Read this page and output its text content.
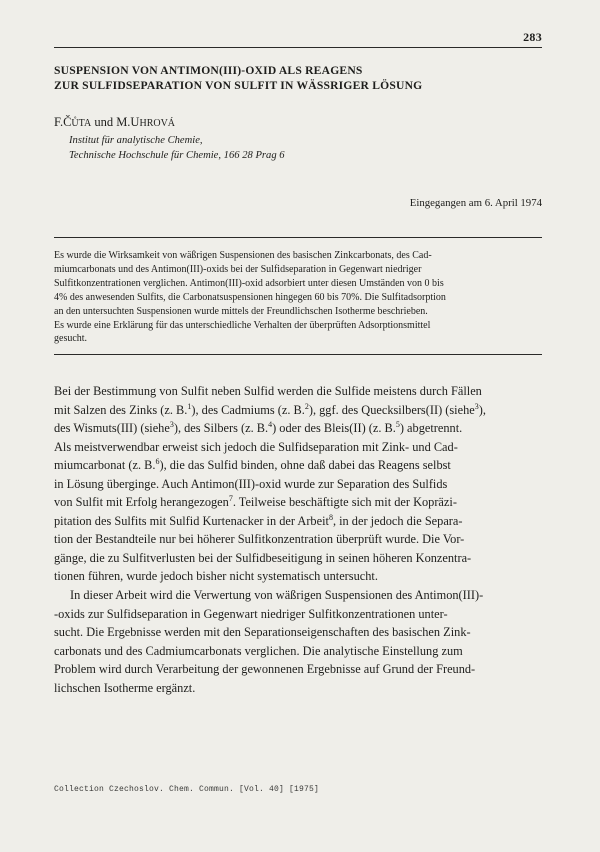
283
SUSPENSION VON ANTIMON(III)-OXID ALS REAGENS
ZUR SULFIDSEPARATION VON SULFIT IN WÄSSRIGER LÖSUNG
F.ČŮTA und M.UHROVÁ
Institut für analytische Chemie,
Technische Hochschule für Chemie, 166 28 Prag 6
Eingegangen am 6. April 1974
Es wurde die Wirksamkeit von wäßrigen Suspensionen des basischen Zinkcarbonats, des Cad-
miumcarbonats und des Antimon(III)-oxids bei der Sulfidseparation in Gegenwart niedriger
Sulfitkonzentrationen verglichen. Antimon(III)-oxid adsorbiert unter diesen Umständen von 0 bis
4% des anwesenden Sulfits, die Carbonatsuspensionen hingegen 60 bis 70%. Die Sulfitadsorption
an den untersuchten Suspensionen wurde mittels der Freundlichschen Isotherme beschrieben.
Es wurde eine Erklärung für das unterschiedliche Verhalten der überprüften Adsorptionsmittel
gesucht.
Bei der Bestimmung von Sulfit neben Sulfid werden die Sulfide meistens durch Fällen
mit Salzen des Zinks (z. B.$^1$), des Cadmiums (z. B.$^2$), ggf. des Quecksilbers(II) (siehe$^3$),
des Wismuts(III) (siehe$^3$), des Silbers (z. B.$^4$) oder des Bleis(II) (z. B.$^5$) abgetrennt.
Als meistverwendbar erweist sich jedoch die Sulfidseparation mit Zink- und Cad-
miumcarbonat (z. B.$^6$), die das Sulfid binden, ohne daß dabei das Reagens selbst
in Lösung überginge. Auch Antimon(III)-oxid wurde zur Separation des Sulfids
von Sulfit mit Erfolg herangezogen$^7$. Teilweise beschäftigte sich mit der Kopräzi-
pitation des Sulfits mit Sulfid Kurtenacker in der Arbeit$^8$, in der jedoch die Separa-
tion der Bestandteile nur bei höherer Sulfitkonzentration überprüft wurde. Die Vor-
gänge, die zu Sulfitverlusten bei der Sulfidbeseitigung in seinen höheren Konzentra-
tionen führen, wurde jedoch bisher nicht systematisch untersucht.
In dieser Arbeit wird die Verwertung von wäßrigen Suspensionen des Antimon(III)-
-oxids zur Sulfidseparation in Gegenwart niedriger Sulfitkonzentrationen unter-
sucht. Die Ergebnisse werden mit den Separationseigenschaften des basischen Zink-
carbonats und des Cadmiumcarbonats verglichen. Die analytische Einstellung zum
Problem wird durch Verarbeitung der gewonnenen Ergebnisse auf Grund der Freund-
lichschen Isotherme ergänzt.
Collection Czechoslov. Chem. Commun. [Vol. 40] [1975]
